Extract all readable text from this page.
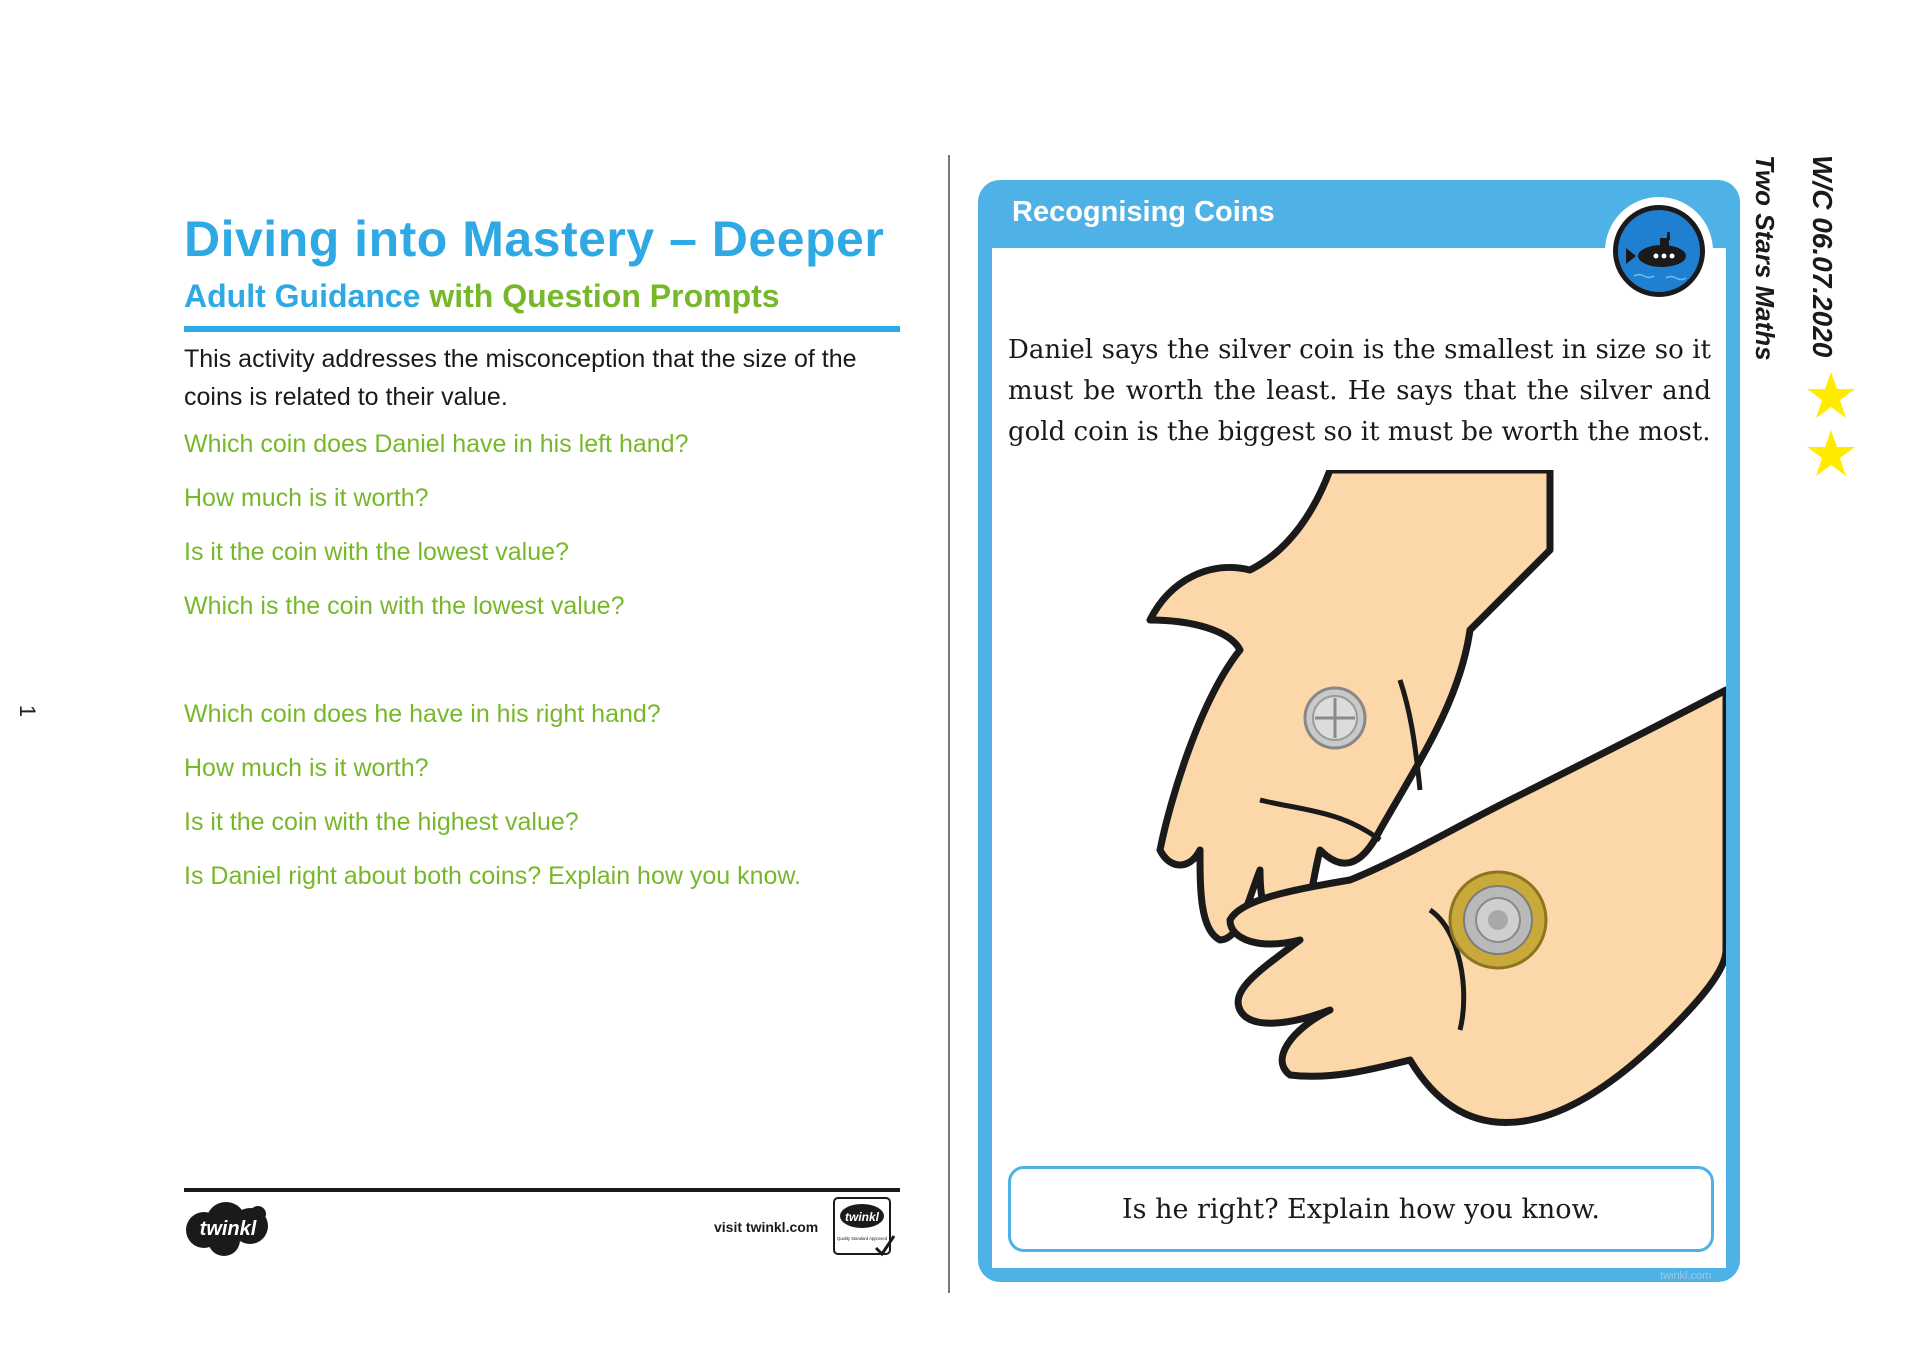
1
Diving into Mastery – Deeper
Adult Guidance with Question Prompts
This activity addresses the misconception that the size of the coins is related to their value.
Which coin does Daniel have in his left hand?
How much is it worth?
Is it the coin with the lowest value?
Which is the coin with the lowest value?
Which coin does he have in his right hand?
How much is it worth?
Is it the coin with the highest value?
Is Daniel right about both coins? Explain how you know.
twinkl	visit twinkl.com
twinkl
Quality Standard Approved
Recognising Coins
Daniel says the silver coin is the smallest in size so it must be worth the least. He says that the silver and gold coin is the biggest so it must be worth the most.
Is he right? Explain how you know.
twinkl.com
W/C 06.07.2020
Two Stars Maths
